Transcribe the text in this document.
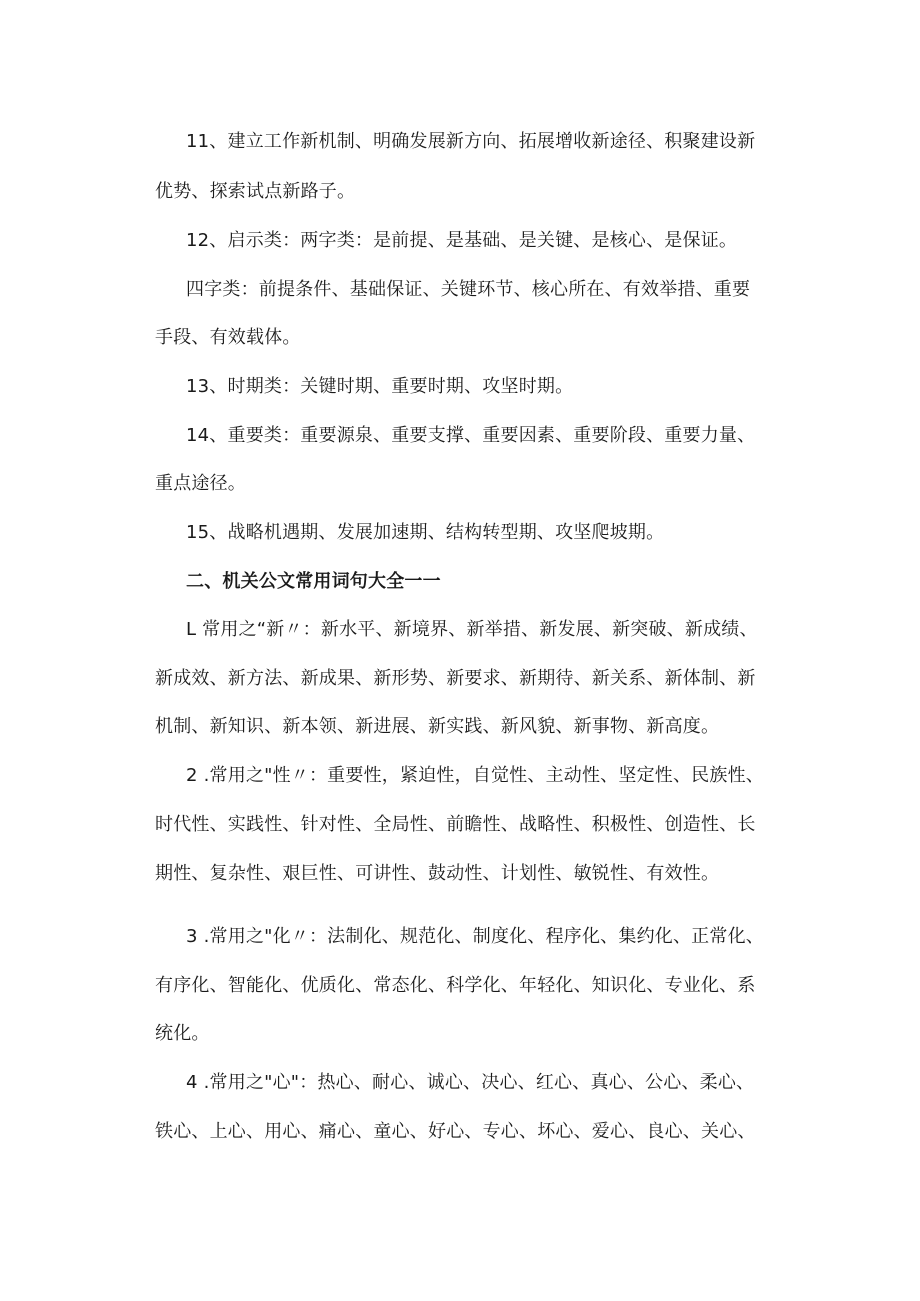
11、建立工作新机制、明确发展新方向、拓展增收新途径、积聚建设新
优势、探索试点新路子。
12、启示类：两字类：是前提、是基础、是关键、是核心、是保证。
四字类：前提条件、基础保证、关键环节、核心所在、有效举措、重要
手段、有效载体。
13、时期类：关键时期、重要时期、攻坚时期。
14、重要类：重要源泉、重要支撑、重要因素、重要阶段、重要力量、
重点途径。
15、战略机遇期、发展加速期、结构转型期、攻坚爬坡期。
二、机关公文常用词句大全一一
L 常用之“新〃：新水平、新境界、新举措、新发展、新突破、新成绩、
新成效、新方法、新成果、新形势、新要求、新期待、新关系、新体制、新
机制、新知识、新本领、新进展、新实践、新风貌、新事物、新高度。
2 .常用之"性〃：重要性，紧迫性，自觉性、主动性、坚定性、民族性、
时代性、实践性、针对性、全局性、前瞻性、战略性、积极性、创造性、长
期性、复杂性、艰巨性、可讲性、鼓动性、计划性、敏锐性、有效性。
3 .常用之"化〃：法制化、规范化、制度化、程序化、集约化、正常化、
有序化、智能化、优质化、常态化、科学化、年轻化、知识化、专业化、系
统化。
4 .常用之"心"：热心、耐心、诚心、决心、红心、真心、公心、柔心、
铁心、上心、用心、痛心、童心、好心、专心、坏心、爱心、良心、关心、
